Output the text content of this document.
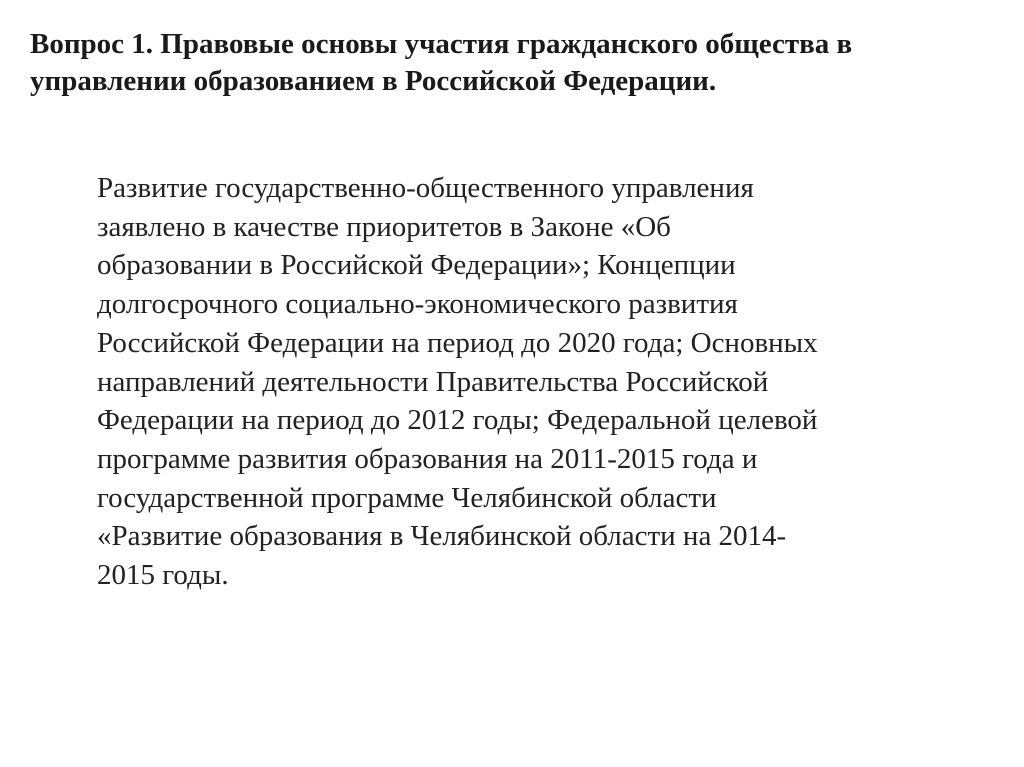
Вопрос 1. Правовые основы участия гражданского общества в
управлении образованием в Российской Федерации.

Развитие государственно-общественного управления
заявлено в качестве приоритетов в Законе «Об
образовании в Российской Федерации»; Концепции
долгосрочного социально-экономического развития
Российской Федерации на период до 2020 года; Основных
направлений деятельности Правительства Российской
Федерации на период до 2012 годы; Федеральной целевой
программе развития образования на 2011-2015 года и
государственной программе Челябинской области
«Развитие образования в Челябинской области на 2014-
2015 годы.
